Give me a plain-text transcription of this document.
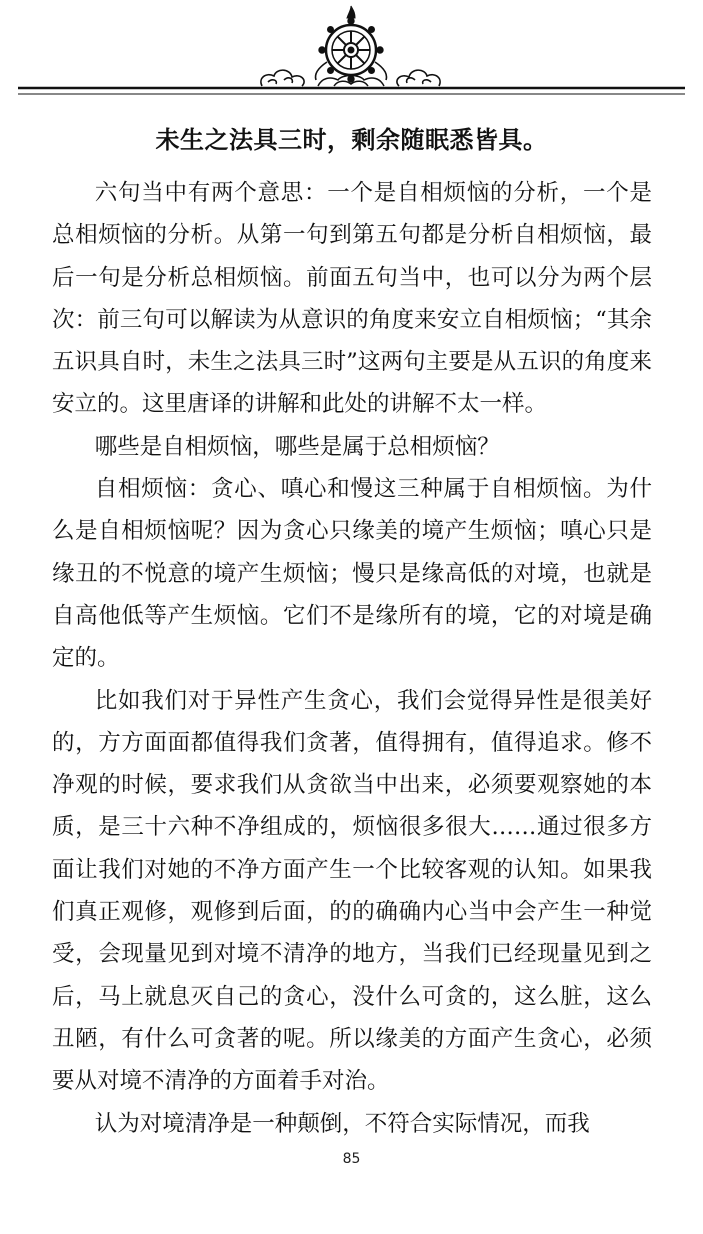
未生之法具三时，剩余随眠悉皆具。

六句当中有两个意思：一个是自相烦恼的分析，一个是总相烦恼的分析。从第一句到第五句都是分析自相烦恼，最后一句是分析总相烦恼。前面五句当中，也可以分为两个层次：前三句可以解读为从意识的角度来安立自相烦恼；“其余五识具自时，未生之法具三时”这两句主要是从五识的角度来安立的。这里唐译的讲解和此处的讲解不太一样。

哪些是自相烦恼，哪些是属于总相烦恼？

自相烦恼：贪心、嗔心和慢这三种属于自相烦恼。为什么是自相烦恼呢？因为贪心只缘美的境产生烦恼；嗔心只是缘丑的不悦意的境产生烦恼；慢只是缘高低的对境，也就是自高他低等产生烦恼。它们不是缘所有的境，它的对境是确定的。

比如我们对于异性产生贪心，我们会觉得异性是很美好的，方方面面都值得我们贪著，值得拥有，值得追求。修不净观的时候，要求我们从贪欲当中出来，必须要观察她的本质，是三十六种不净组成的，烦恼很多很大……通过很多方面让我们对她的不净方面产生一个比较客观的认知。如果我们真正观修，观修到后面，的的确确内心当中会产生一种觉受，会现量见到对境不清净的地方，当我们已经现量见到之后，马上就息灭自己的贪心，没什么可贪的，这么脏，这么丑陋，有什么可贪著的呢。所以缘美的方面产生贪心，必须要从对境不清净的方面着手对治。

认为对境清净是一种颠倒，不符合实际情况，而我

85
